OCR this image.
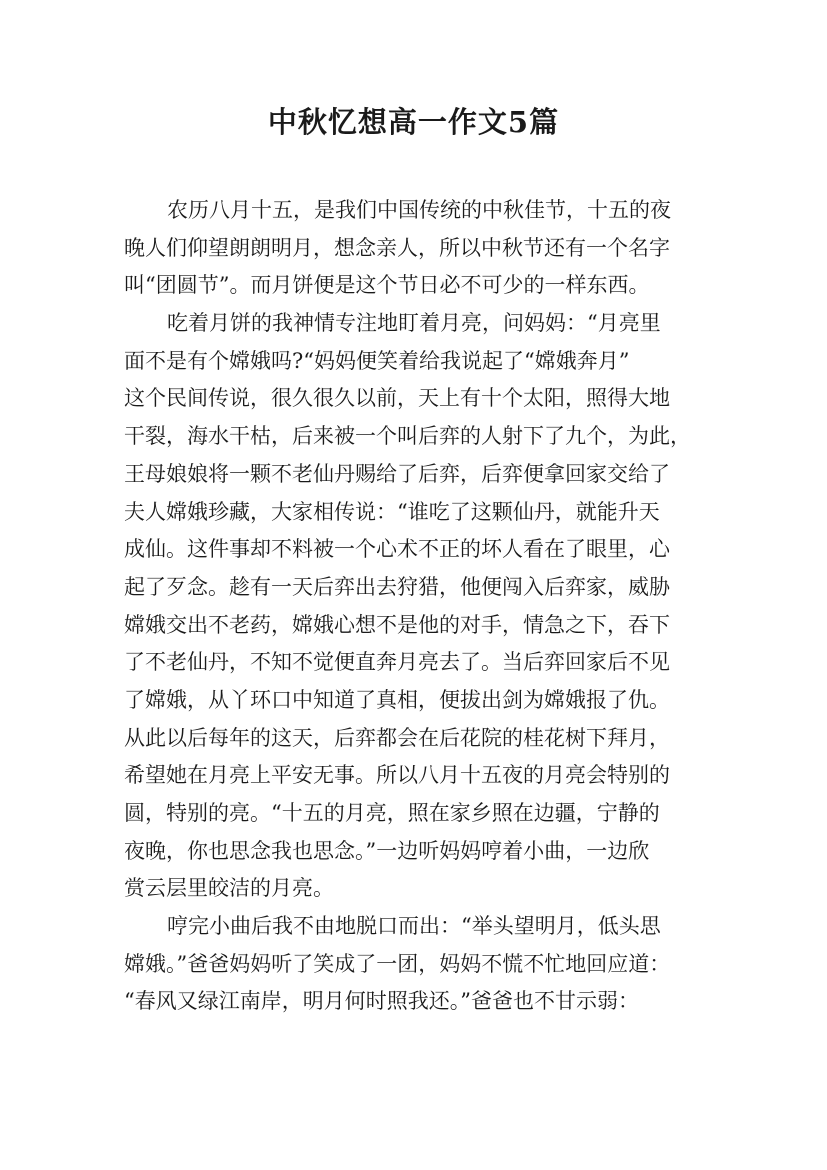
中秋忆想高一作文5篇

农历八月十五，是我们中国传统的中秋佳节，十五的夜

晚人们仰望朗朗明月，想念亲人，所以中秋节还有一个名字

叫“团圆节”。而月饼便是这个节日必不可少的一样东西。

吃着月饼的我神情专注地盯着月亮，问妈妈：“月亮里

面不是有个嫦娥吗?“妈妈便笑着给我说起了“嫦娥奔月”

这个民间传说，很久很久以前，天上有十个太阳，照得大地

干裂，海水干枯，后来被一个叫后弈的人射下了九个，为此，

王母娘娘将一颗不老仙丹赐给了后弈，后弈便拿回家交给了

夫人嫦娥珍藏，大家相传说：“谁吃了这颗仙丹，就能升天

成仙。这件事却不料被一个心术不正的坏人看在了眼里，心

起了歹念。趁有一天后弈出去狩猎，他便闯入后弈家，威胁

嫦娥交出不老药，嫦娥心想不是他的对手，情急之下，吞下

了不老仙丹，不知不觉便直奔月亮去了。当后弈回家后不见

了嫦娥，从丫环口中知道了真相，便拔出剑为嫦娥报了仇。

从此以后每年的这天，后弈都会在后花院的桂花树下拜月，

希望她在月亮上平安无事。所以八月十五夜的月亮会特别的

圆，特别的亮。“十五的月亮，照在家乡照在边疆，宁静的

夜晚，你也思念我也思念。”一边听妈妈哼着小曲，一边欣

赏云层里皎洁的月亮。

哼完小曲后我不由地脱口而出：“举头望明月，低头思

嫦娥。”爸爸妈妈听了笑成了一团，妈妈不慌不忙地回应道：

“春风又绿江南岸，明月何时照我还。”爸爸也不甘示弱：
